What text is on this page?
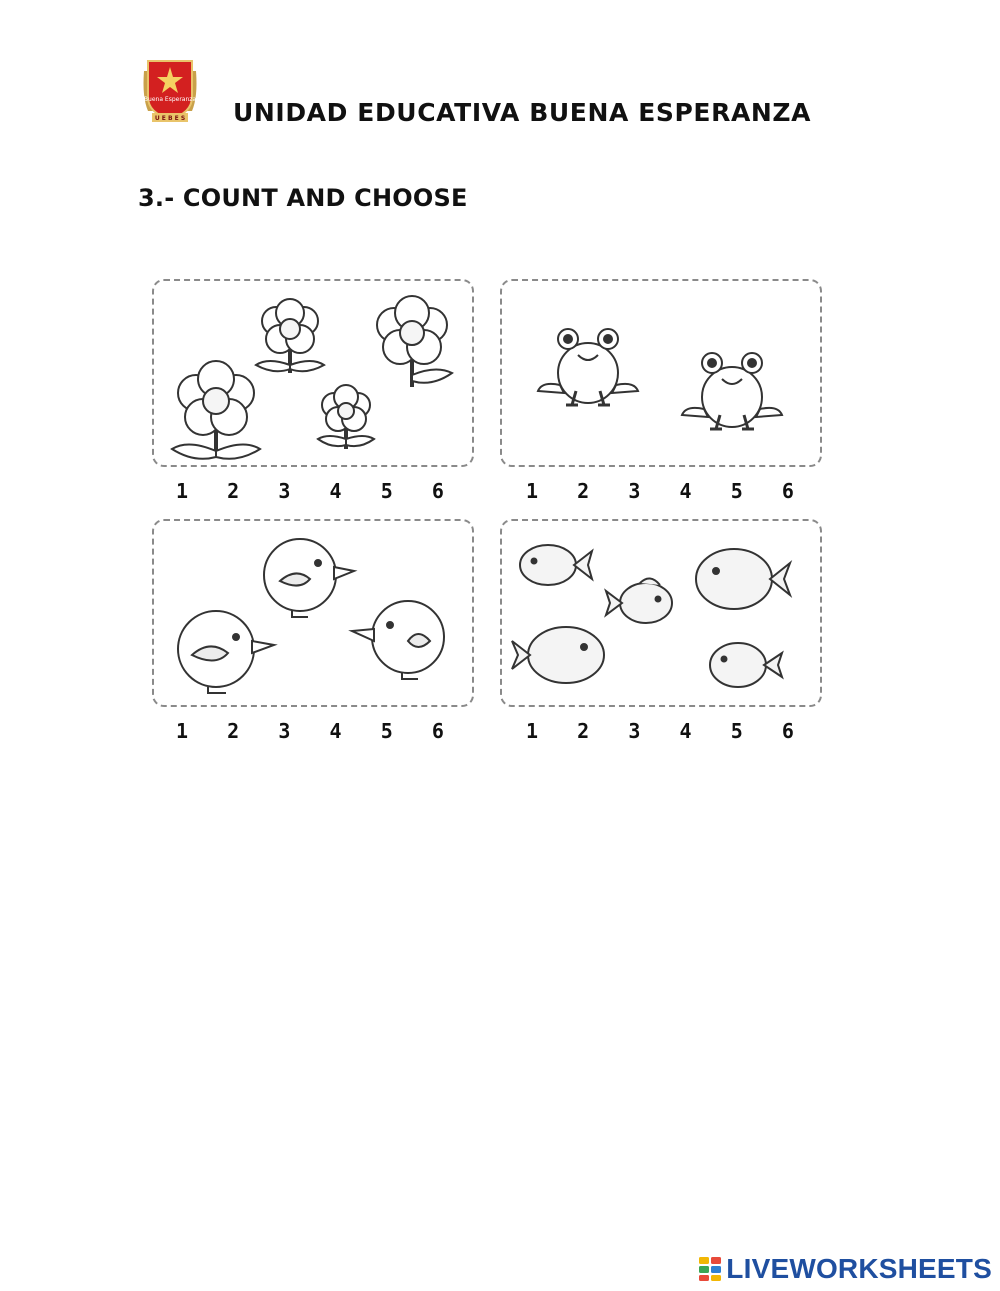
Buena Esperanza
U E B E S UNIDAD EDUCATIVA BUENA ESPERANZA
3.- COUNT AND CHOOSE
1 2 3 4 5 6	1 2 3 4 5 6
1 2 3 4 5 6	1 2 3 4 5 6
LIVEWORKSHEETS
